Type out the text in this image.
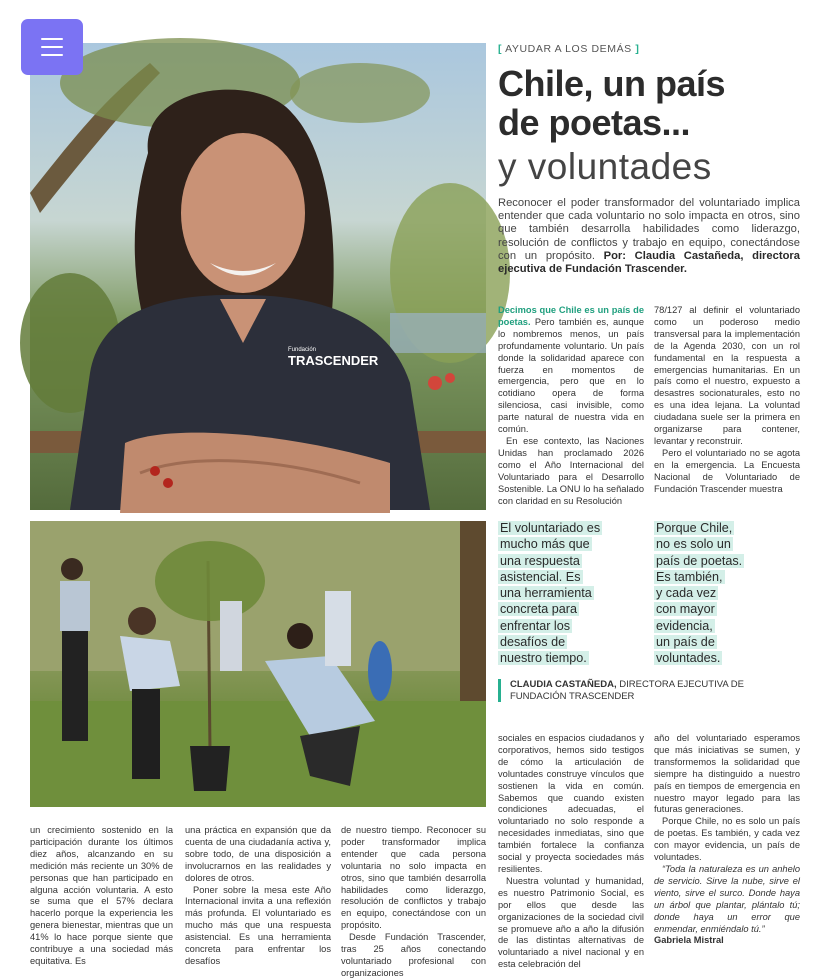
Fundación
TRASCENDER
[ AYUDAR A LOS DEMÁS ]
Chile, un país
de poetas...
y voluntades
Reconocer el poder transformador del voluntariado implica entender que cada voluntario no solo impacta en otros, sino que también desarrolla habilidades como liderazgo, resolución de conflictos y trabajo en equipo, conectándose con un propósito. Por: Claudia Castañeda, directora ejecutiva de Fundación Trascender.

Decimos que Chile es un país de poetas. Pero también es, aunque lo nombremos menos, un país profundamente voluntario. Un país donde la solidaridad aparece con fuerza en momentos de emergencia, pero que en lo cotidiano opera de forma silenciosa, casi invisible, como parte natural de nuestra vida en común.

En ese contexto, las Naciones Unidas han proclamado 2026 como el Año Internacional del Voluntariado para el Desarrollo Sostenible. La ONU lo ha señalado con claridad en su Resolución

78/127 al definir el voluntariado como un poderoso medio transversal para la implementación de la Agenda 2030, con un rol fundamental en la respuesta a emergencias humanitarias. En un país como el nuestro, expuesto a desastres socionaturales, esto no es una idea lejana. La voluntad ciudadana suele ser la primera en organizarse para contener, levantar y reconstruir.

Pero el voluntariado no se agota en la emergencia. La Encuesta Nacional de Voluntariado de Fundación Trascender muestra

El voluntariado es
mucho más que
una respuesta
asistencial. Es
una herramienta
concreta para
enfrentar los
desafíos de
nuestro tiempo.
Porque Chile,
no es solo un
país de poetas.
Es también,
y cada vez
con mayor
evidencia,
un país de
voluntades.
CLAUDIA CASTAÑEDA, DIRECTORA EJECUTIVA DE FUNDACIÓN TRASCENDER

sociales en espacios ciudadanos y corporativos, hemos sido testigos de cómo la articulación de voluntades construye vínculos que sostienen la vida en común. Sabemos que cuando existen condiciones adecuadas, el voluntariado no solo responde a necesidades inmediatas, sino que también fortalece la confianza social y proyecta sociedades más resilientes.

Nuestra voluntad y humanidad, es nuestro Patrimonio Social, es por ellos que desde las organizaciones de la sociedad civil se promueve año a año la difusión de las distintas alternativas de voluntariado a nivel nacional y en esta celebración del

año del voluntariado esperamos que más iniciativas se sumen, y transformemos la solidaridad que siempre ha distinguido a nuestro país en tiempos de emergencia en nuestro mayor legado para las futuras generaciones.

Porque Chile, no es solo un país de poetas. Es también, y cada vez con mayor evidencia, un país de voluntades.

“Toda la naturaleza es un anhelo de servicio. Sirve la nube, sirve el viento, sirve el surco. Donde haya un árbol que plantar, plántalo tú; donde haya un error que enmendar, enmiéndalo tú.”

Gabriela Mistral

un crecimiento sostenido en la participación durante los últimos diez años, alcanzando en su medición más reciente un 30% de personas que han participado en alguna acción voluntaria. A esto se suma que el 57% declara hacerlo porque la experiencia les genera bienestar, mientras que un 41% lo hace porque siente que contribuye a una sociedad más equitativa. Es

una práctica en expansión que da cuenta de una ciudadanía activa y, sobre todo, de una disposición a involucrarnos en las realidades y dolores de otros.

Poner sobre la mesa este Año Internacional invita a una reflexión más profunda. El voluntariado es mucho más que una respuesta asistencial. Es una herramienta concreta para enfrentar los desafíos

de nuestro tiempo. Reconocer su poder transformador implica entender que cada persona voluntaria no solo impacta en otros, sino que también desarrolla habilidades como liderazgo, resolución de conflictos y trabajo en equipo, conectándose con un propósito.

Desde Fundación Trascender, tras 25 años conectando voluntariado profesional con organizaciones
